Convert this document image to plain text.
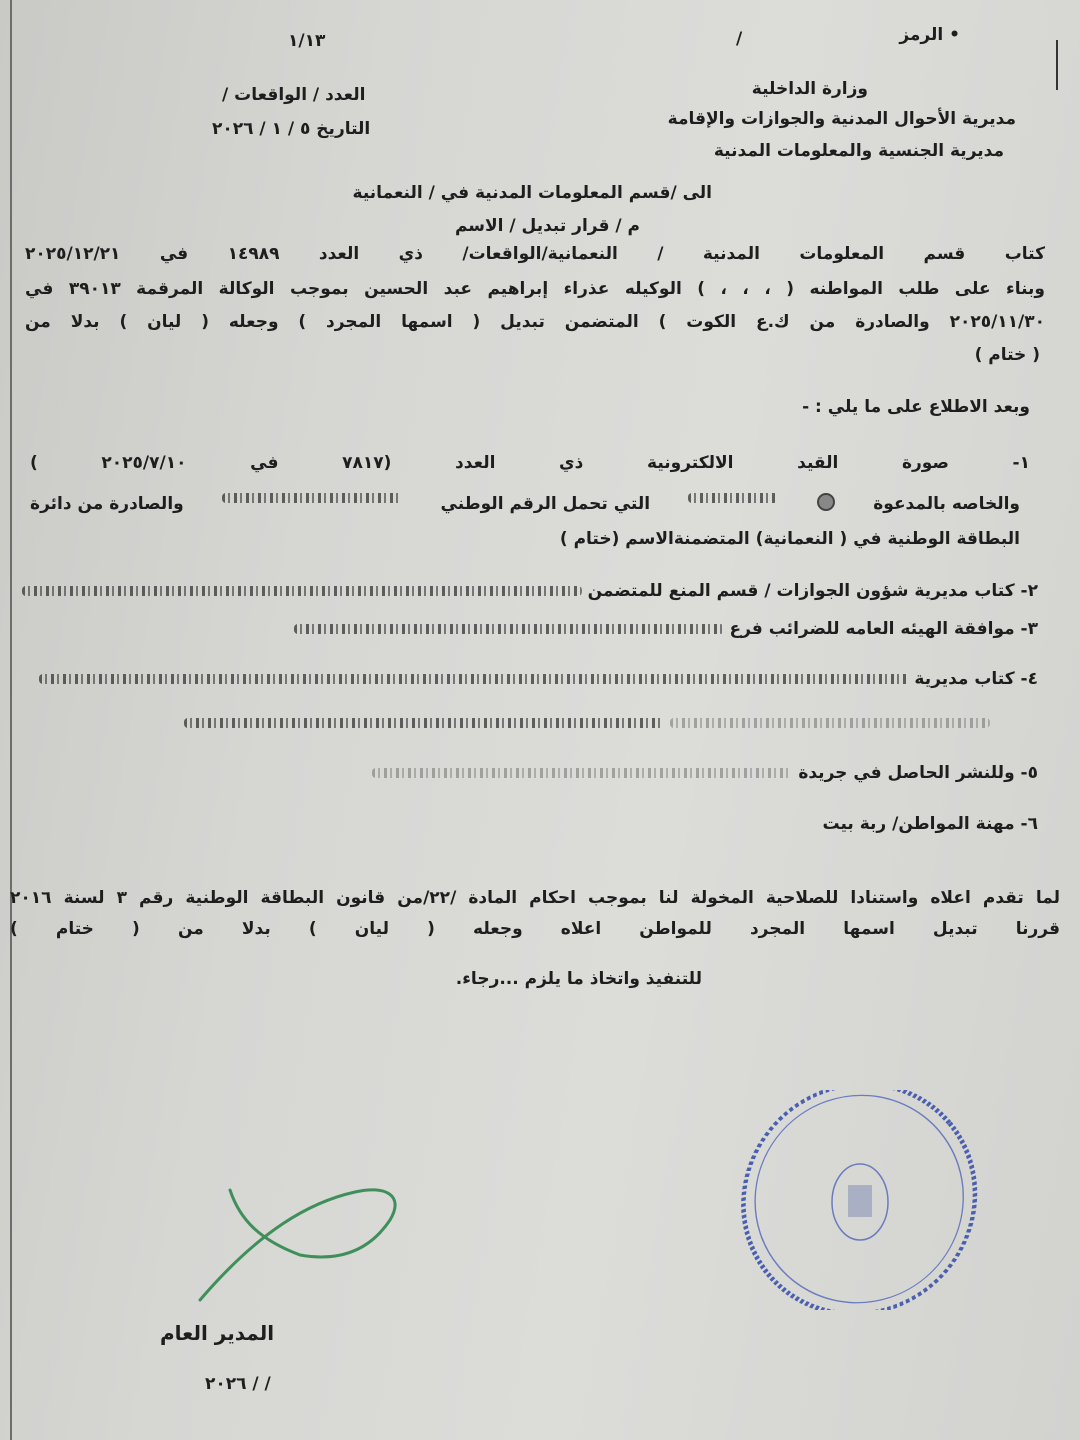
• الرمز
/
١/١٣
وزارة الداخلية
مديرية الأحوال المدنية والجوازات والإقامة
مديرية الجنسية والمعلومات المدنية
العدد / الواقعات /
التاريخ ٥ / ١ / ٢٠٢٦
الى /قسم المعلومات المدنية في / النعمانية
م / قرار تبديل / الاسم
كتاب قسم المعلومات المدنية / النعمانية/الواقعات/ ذي العدد ١٤٩٨٩ في ٢٠٢٥/١٢/٢١
وبناء على طلب المواطنه ( ، ، ، ) الوكيله عذراء إبراهيم عبد الحسين بموجب الوكالة المرقمة ٣٩٠١٣ في
٢٠٢٥/١١/٣٠ والصادرة من ك.ع الكوت ) المتضمن تبديل ( اسمها المجرد ) وجعله ( ليان ) بدلا من
( ختام )
وبعد الاطلاع على ما يلي : -
١- صورة القيد الالكترونية ذي العدد (٧٨١٧ في ٢٠٢٥/٧/١٠ )
والخاصه بالمدعوة
التي تحمل الرقم الوطني
والصادرة من دائرة
البطاقة الوطنية في ( النعمانية) المتضمنةالاسم (ختام )
٢- كتاب مديرية شؤون الجوازات / قسم المنع للمتضمن
٣- موافقة الهيئه العامه للضرائب فرع
٤- كتاب مديرية

٥- وللنشر الحاصل في جريدة
٦- مهنة المواطن/ ربة بيت
لما تقدم اعلاه واستنادا للصلاحية المخولة لنا بموجب احكام المادة /٢٢/من قانون البطاقة الوطنية رقم ٣ لسنة ٢٠١٦
قررنا تبديل اسمها المجرد للمواطن اعلاه وجعله ( ليان ) بدلا من ( ختام )
للتنفيذ واتخاذ ما يلزم ...رجاء.
المدير العام
/ / ٢٠٢٦
